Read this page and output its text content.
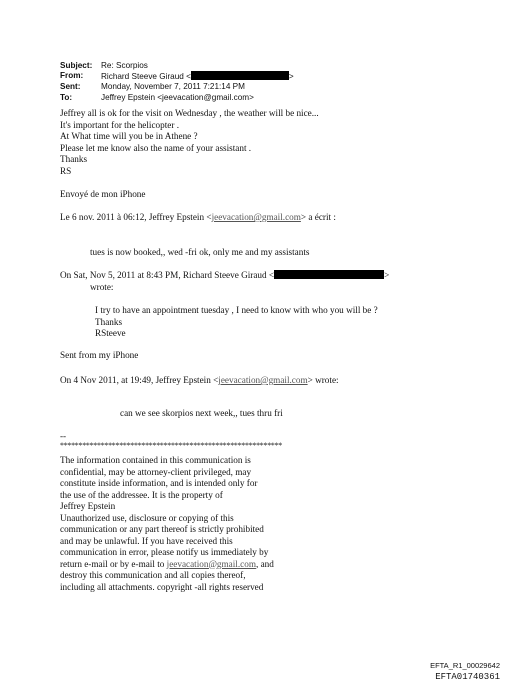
Subject:	Re: Scorpios
From:	Richard Steeve Giraud <	>
Sent:	Monday, November 7, 2011 7:21:14 PM
To:	Jeffrey Epstein <jeevacation@gmail.com>
Jeffrey all is ok for the visit on Wednesday , the weather will be nice...
It's important for the helicopter .
At What time will you be in Athene ?
Please let me know also the name of your assistant .
Thanks
RS
Envoyé de mon iPhone
Le 6 nov. 2011 à 06:12, Jeffrey Epstein <jeevacation@gmail.com> a écrit :
tues is now booked,, wed -fri ok, only me and my assistants
On Sat, Nov 5, 2011 at 8:43 PM, Richard Steeve Giraud <	>
wrote:
I try to have an appointment tuesday , I need to know with who you will be ?
Thanks
RSteeve
Sent from my iPhone
On 4 Nov 2011, at 19:49, Jeffrey Epstein <jeevacation@gmail.com> wrote:
can we see skorpios next week,, tues thru fri
--
************************************************************
The information contained in this communication is
confidential, may be attorney-client privileged, may
constitute inside information, and is intended only for
the use of the addressee. It is the property of
Jeffrey Epstein
Unauthorized use, disclosure or copying of this
communication or any part thereof is strictly prohibited
and may be unlawful. If you have received this
communication in error, please notify us immediately by
return e-mail or by e-mail to jeevacation@gmail.com, and
destroy this communication and all copies thereof,
including all attachments. copyright -all rights reserved
EFTA_R1_00029642
EFTA01740361
